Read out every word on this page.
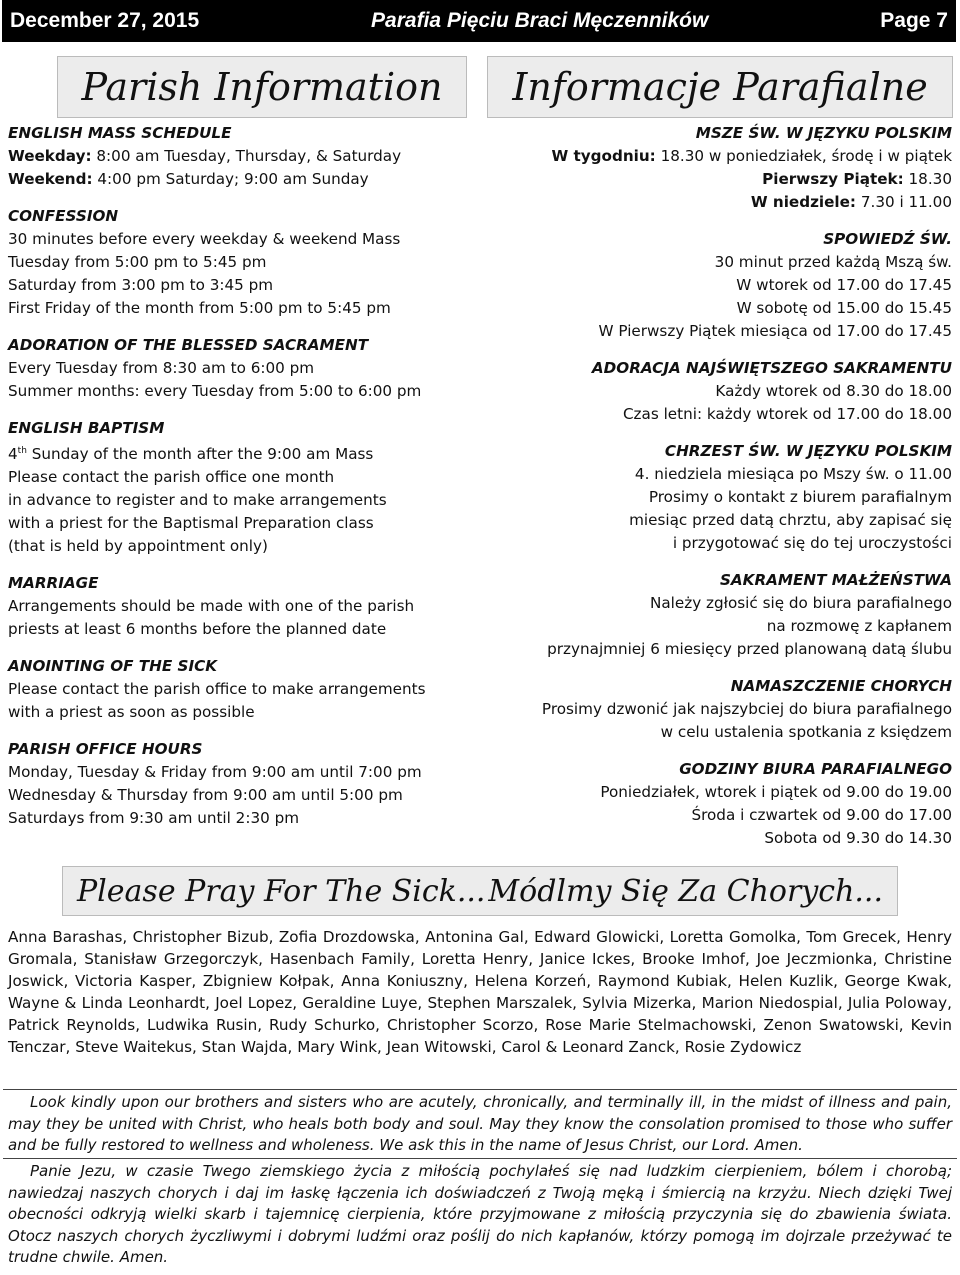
December 27, 2015	Parafia Pięciu Braci Męczenników	Page 7
Parish Information	Informacje Parafialne
ENGLISH MASS SCHEDULE

Weekday: 8:00 am Tuesday, Thursday, & Saturday

Weekend: 4:00 pm Saturday; 9:00 am Sunday

CONFESSION

30 minutes before every weekday & weekend Mass

Tuesday from 5:00 pm to 5:45 pm

Saturday from 3:00 pm to 3:45 pm

First Friday of the month from 5:00 pm to 5:45 pm

ADORATION OF THE BLESSED SACRAMENT

Every Tuesday from 8:30 am to 6:00 pm

Summer months: every Tuesday from 5:00 to 6:00 pm

ENGLISH BAPTISM

4th Sunday of the month after the 9:00 am Mass

Please contact the parish office one month

in advance to register and to make arrangements

with a priest for the Baptismal Preparation class

(that is held by appointment only)

MARRIAGE

Arrangements should be made with one of the parish

priests at least 6 months before the planned date

ANOINTING OF THE SICK

Please contact the parish office to make arrangements

with a priest as soon as possible

PARISH OFFICE HOURS

Monday, Tuesday & Friday from 9:00 am until 7:00 pm

Wednesday & Thursday from 9:00 am until 5:00 pm

Saturdays from 9:30 am until 2:30 pm

MSZE ŚW. W JĘZYKU POLSKIM

W tygodniu: 18.30 w poniedziałek, środę i w piątek

Pierwszy Piątek: 18.30

W niedziele: 7.30 i 11.00

SPOWIEDŹ ŚW.

30 minut przed każdą Mszą św.

W wtorek od 17.00 do 17.45

W sobotę od 15.00 do 15.45

W Pierwszy Piątek miesiąca od 17.00 do 17.45

ADORACJA NAJŚWIĘTSZEGO SAKRAMENTU

Każdy wtorek od 8.30 do 18.00

Czas letni: każdy wtorek od 17.00 do 18.00

CHRZEST ŚW. W JĘZYKU POLSKIM

4. niedziela miesiąca po Mszy św. o 11.00

Prosimy o kontakt z biurem parafialnym

miesiąc przed datą chrztu, aby zapisać się

i przygotować się do tej uroczystości

SAKRAMENT MAŁŻEŃSTWA

Należy zgłosić się do biura parafialnego

na rozmowę z kapłanem

przynajmniej 6 miesięcy przed planowaną datą ślubu

NAMASZCZENIE CHORYCH

Prosimy dzwonić jak najszybciej do biura parafialnego

w celu ustalenia spotkania z księdzem

GODZINY BIURA PARAFIALNEGO

Poniedziałek, wtorek i piątek od 9.00 do 19.00

Środa i czwartek od 9.00 do 17.00

Sobota od 9.30 do 14.30

Please Pray For The Sick... Módlmy Się Za Chorych...
Anna Barashas, Christopher Bizub, Zofia Drozdowska, Antonina Gal, Edward Glowicki, Loretta Gomolka, Tom Grecek, Henry Gromala, Stanisław Grzegorczyk, Hasenbach Family, Loretta Henry, Janice Ickes, Brooke Imhof, Joe Jeczmionka, Christine Joswick, Victoria Kasper, Zbigniew Kołpak, Anna Koniuszny, Helena Korzeń, Raymond Kubiak, Helen Kuzlik, George Kwak, Wayne & Linda Leonhardt, Joel Lopez, Geraldine Luye, Stephen Marszalek, Sylvia Mizerka, Marion Niedospial, Julia Poloway, Patrick Reynolds, Ludwika Rusin, Rudy Schurko, Christopher Scorzo, Rose Marie Stelmachowski, Zenon Swatowski, Kevin Tenczar, Steve Waitekus, Stan Wajda, Mary Wink, Jean Witowski, Carol & Leonard Zanck, Rosie Zydowicz
Look kindly upon our brothers and sisters who are acutely, chronically, and terminally ill, in the midst of illness and pain, may they be united with Christ, who heals both body and soul. May they know the consolation promised to those who suffer and be fully restored to wellness and wholeness. We ask this in the name of Jesus Christ, our Lord. Amen.
Panie Jezu, w czasie Twego ziemskiego życia z miłością pochylałeś się nad ludzkim cierpieniem, bólem i chorobą; nawiedzaj naszych chorych i daj im łaskę łączenia ich doświadczeń z Twoją męką i śmiercią na krzyżu. Niech dzięki Twej obecności odkryją wielki skarb i tajemnicę cierpienia, które przyjmowane z miłością przyczynia się do zbawienia świata. Otocz naszych chorych życzliwymi i dobrymi ludźmi oraz poślij do nich kapłanów, którzy pomogą im dojrzale przeżywać te trudne chwile. Amen.
